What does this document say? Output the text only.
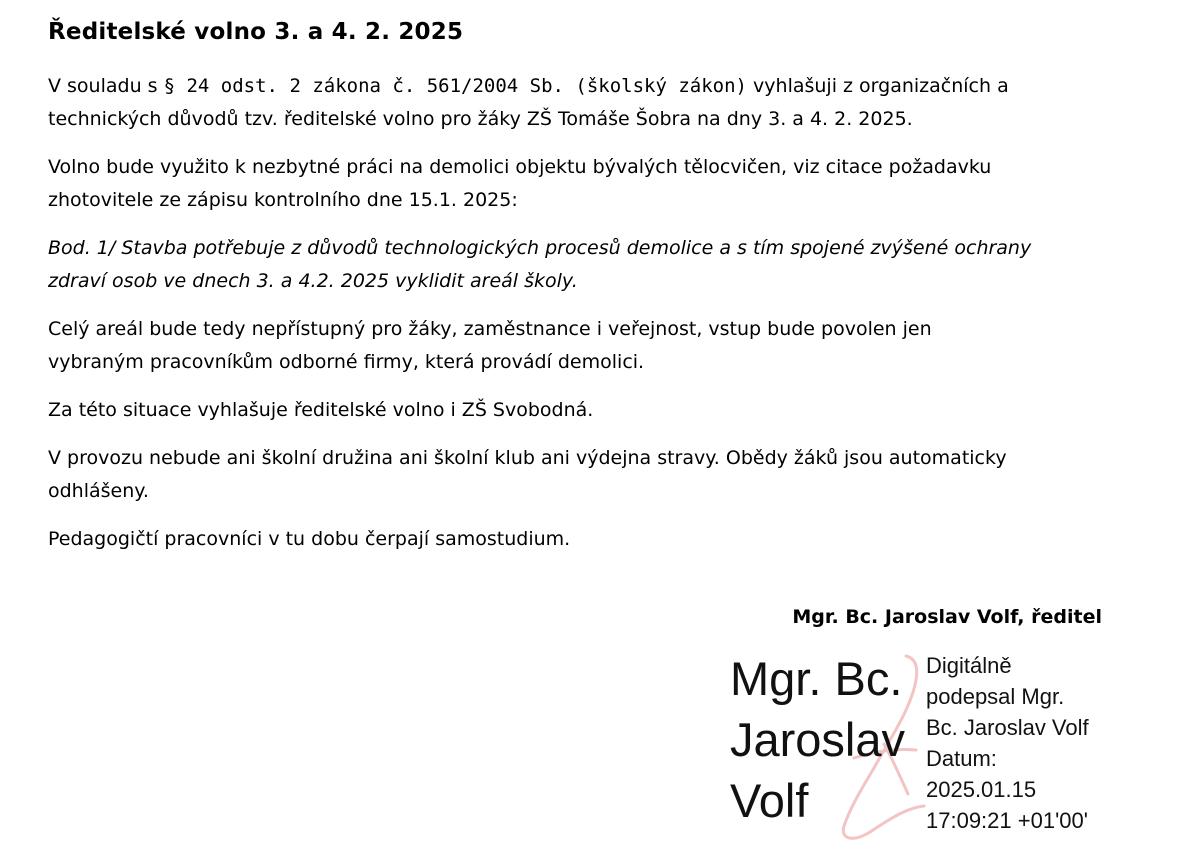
Ředitelské volno 3. a 4. 2. 2025

V souladu s § 24 odst. 2 zákona č. 561/2004 Sb. (školský zákon) vyhlašuji z organizačních a
technických důvodů tzv. ředitelské volno pro žáky ZŠ Tomáše Šobra na dny 3. a 4. 2. 2025.

Volno bude využito k nezbytné práci na demolici objektu bývalých tělocvičen, viz citace požadavku
zhotovitele ze zápisu kontrolního dne 15.1. 2025:

Bod. 1/ Stavba potřebuje z důvodů technologických procesů demolice a s tím spojené zvýšené ochrany
zdraví osob ve dnech 3. a 4.2. 2025 vyklidit areál školy.

Celý areál bude tedy nepřístupný pro žáky, zaměstnance i veřejnost, vstup bude povolen jen
vybraným pracovníkům odborné firmy, která provádí demolici.

Za této situace vyhlašuje ředitelské volno i ZŠ Svobodná.

V provozu nebude ani školní družina ani školní klub ani výdejna stravy. Obědy žáků jsou automaticky
odhlášeny.

Pedagogičtí pracovníci v tu dobu čerpají samostudium.

Mgr. Bc. Jaroslav Volf, ředitel
Mgr. Bc.
Jaroslav
Volf
Digitálně
podepsal Mgr.
Bc. Jaroslav Volf
Datum:
2025.01.15
17:09:21 +01'00'
